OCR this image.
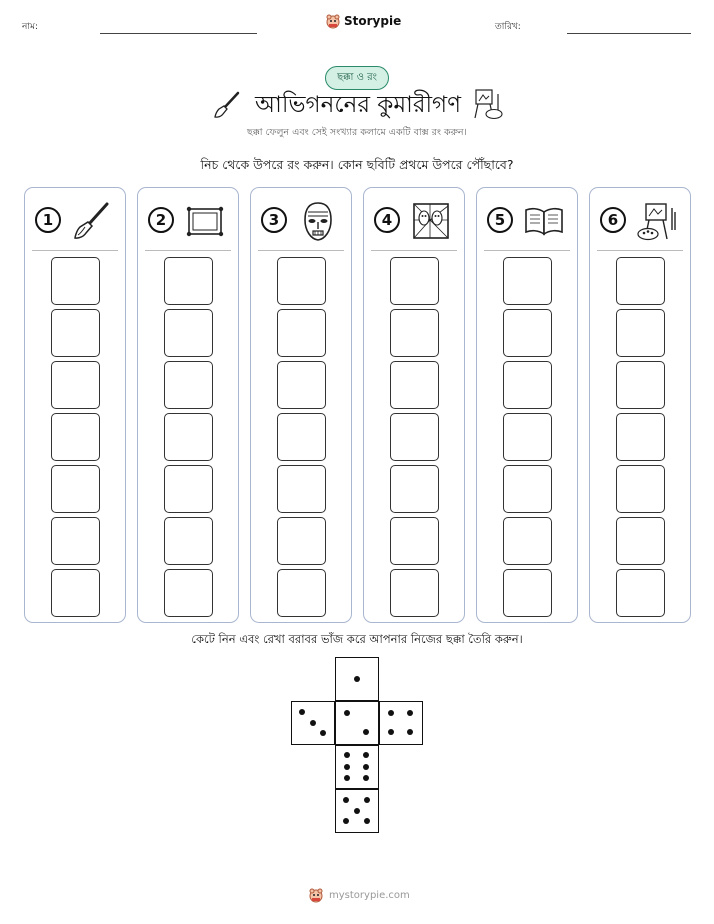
নাম:	Storypie	তারিখ:
ছক্কা ও রং
আভিগননের কুমারীগণ
ছক্কা ফেলুন এবং সেই সংখ্যার কলামে একটি বাক্স রং করুন।
নিচ থেকে উপরে রং করুন। কোন ছবিটি প্রথমে উপরে পৌঁছাবে?
1	2	3	4	5	6
কেটে নিন এবং রেখা বরাবর ভাঁজ করে আপনার নিজের ছক্কা তৈরি করুন।
mystorypie.com
